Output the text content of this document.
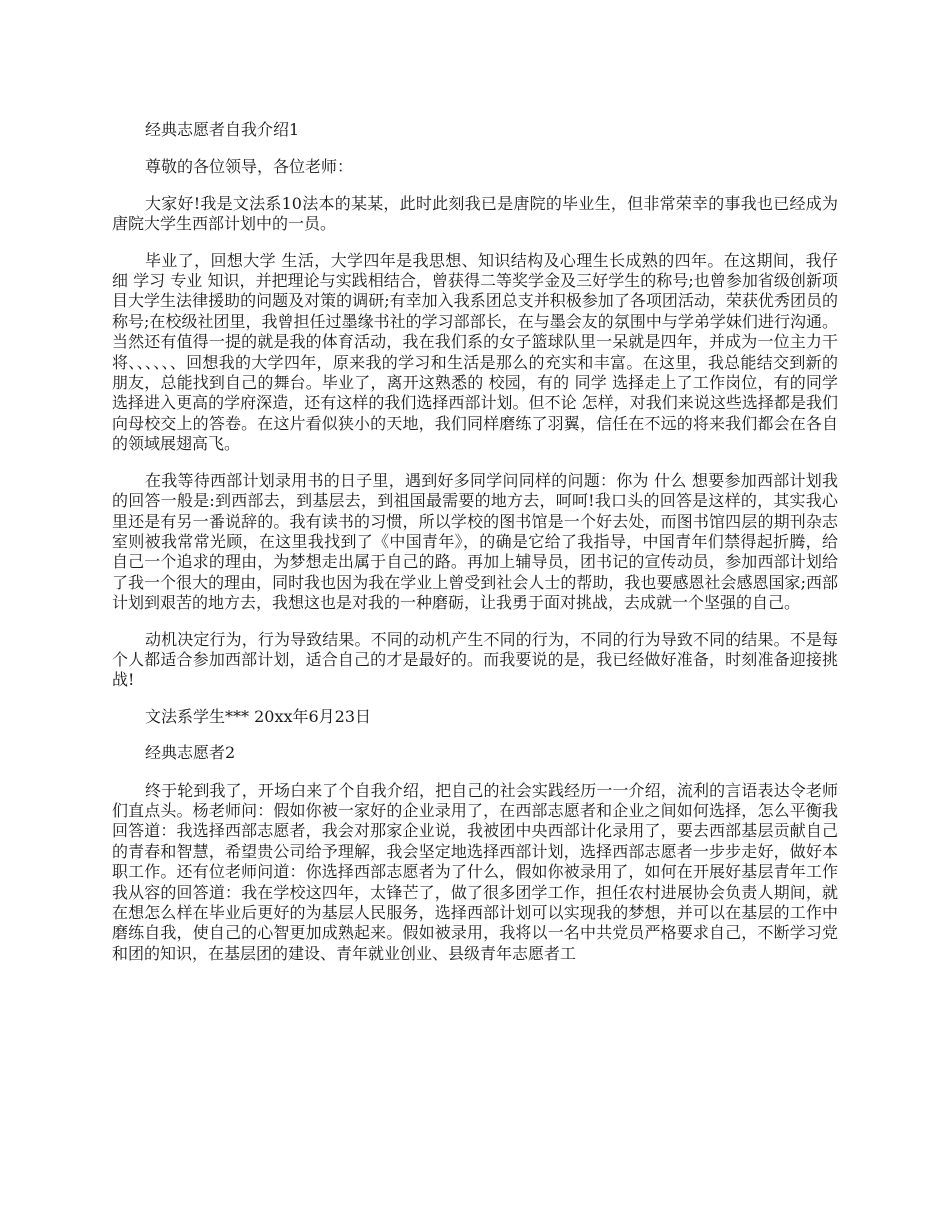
经典志愿者自我介绍1

尊敬的各位领导，各位老师：

大家好!我是文法系10法本的某某，此时此刻我已是唐院的毕业生，但非常荣幸的事我也已经成为唐院大学生西部计划中的一员。

毕业了，回想大学 生活，大学四年是我思想、知识结构及心理生长成熟的四年。在这期间，我仔细 学习 专业 知识，并把理论与实践相结合，曾获得二等奖学金及三好学生的称号;也曾参加省级创新项目大学生法律援助的问题及对策的调研;有幸加入我系团总支并积极参加了各项团活动，荣获优秀团员的称号;在校级社团里，我曾担任过墨缘书社的学习部部长，在与墨会友的氛围中与学弟学妹们进行沟通。当然还有值得一提的就是我的体育活动，我在我们系的女子篮球队里一呆就是四年，并成为一位主力干将、、、、、、回想我的大学四年，原来我的学习和生活是那么的充实和丰富。在这里，我总能结交到新的朋友，总能找到自己的舞台。毕业了，离开这熟悉的 校园，有的 同学 选择走上了工作岗位，有的同学选择进入更高的学府深造，还有这样的我们选择西部计划。但不论 怎样，对我们来说这些选择都是我们向母校交上的答卷。在这片看似狭小的天地，我们同样磨练了羽翼，信任在不远的将来我们都会在各自的领域展翅高飞。

在我等待西部计划录用书的日子里，遇到好多同学问同样的问题：你为 什么 想要参加西部计划我的回答一般是:到西部去，到基层去，到祖国最需要的地方去，呵呵!我口头的回答是这样的，其实我心里还是有另一番说辞的。我有读书的习惯，所以学校的图书馆是一个好去处，而图书馆四层的期刊杂志室则被我常常光顾，在这里我找到了《中国青年》，的确是它给了我指导，中国青年们禁得起折腾，给自己一个追求的理由，为梦想走出属于自己的路。再加上辅导员，团书记的宣传动员，参加西部计划给了我一个很大的理由，同时我也因为我在学业上曾受到社会人士的帮助，我也要感恩社会感恩国家;西部计划到艰苦的地方去，我想这也是对我的一种磨砺，让我勇于面对挑战，去成就一个坚强的自己。

动机决定行为，行为导致结果。不同的动机产生不同的行为，不同的行为导致不同的结果。不是每个人都适合参加西部计划，适合自己的才是最好的。而我要说的是，我已经做好准备，时刻准备迎接挑战!

文法系学生*** 20xx年6月23日

经典志愿者2

终于轮到我了，开场白来了个自我介绍，把自己的社会实践经历一一介绍，流利的言语表达令老师们直点头。杨老师问：假如你被一家好的企业录用了，在西部志愿者和企业之间如何选择，怎么平衡我回答道：我选择西部志愿者，我会对那家企业说，我被团中央西部计化录用了，要去西部基层贡献自己的青春和智慧，希望贵公司给予理解，我会坚定地选择西部计划，选择西部志愿者一步步走好，做好本职工作。还有位老师问道：你选择西部志愿者为了什么，假如你被录用了，如何在开展好基层青年工作我从容的回答道：我在学校这四年，太锋芒了，做了很多团学工作，担任农村进展协会负责人期间，就在想怎么样在毕业后更好的为基层人民服务，选择西部计划可以实现我的梦想，并可以在基层的工作中磨练自我，使自己的心智更加成熟起来。假如被录用，我将以一名中共党员严格要求自己，不断学习党和团的知识，在基层团的建设、青年就业创业、县级青年志愿者工
